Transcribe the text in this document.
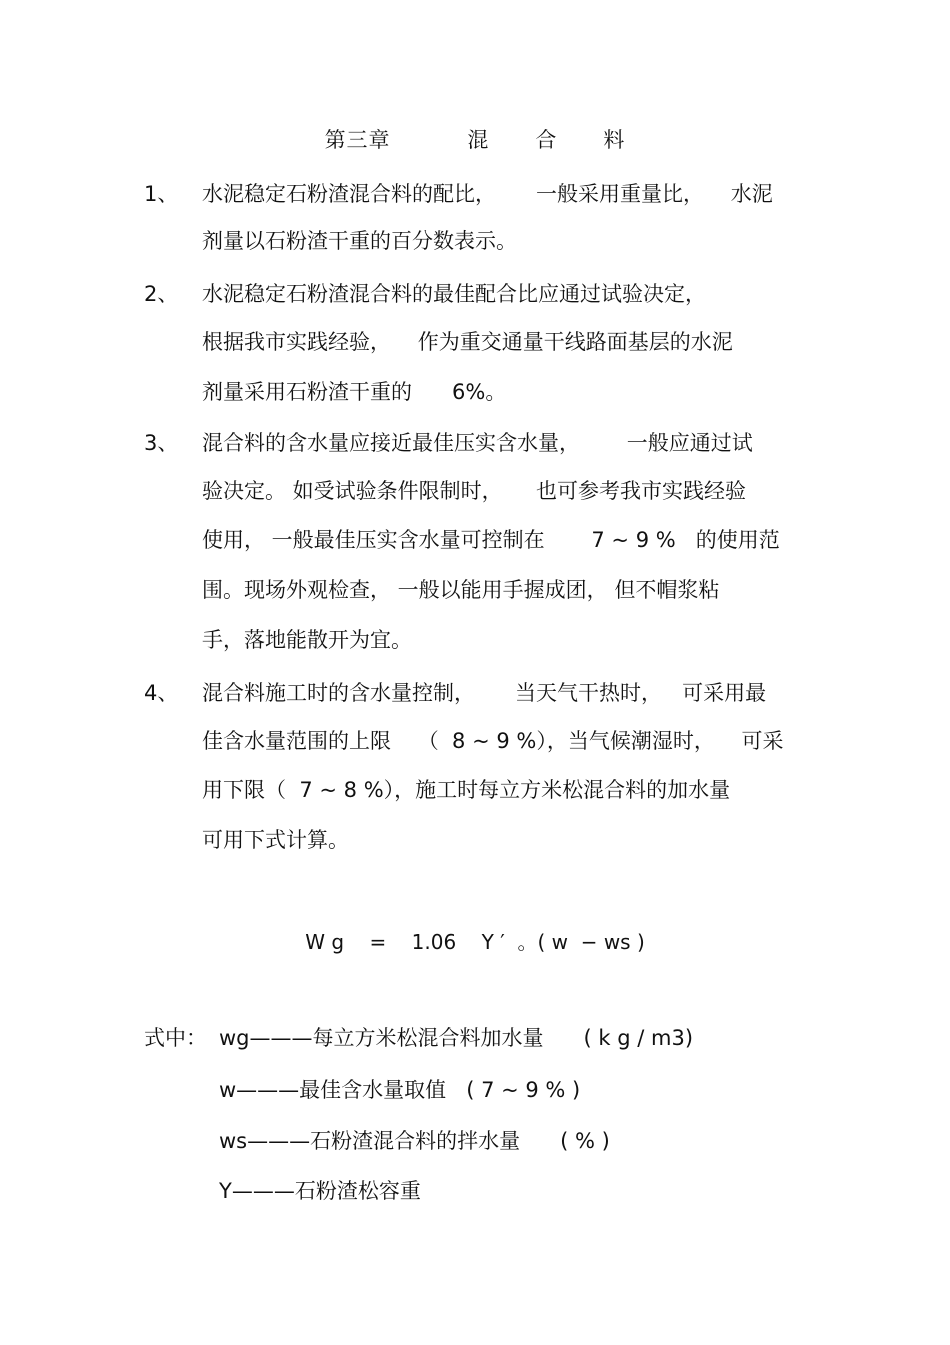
第三章          混      合      料
1、 水泥稳定石粉渣混合料的配比，      一般采用重量比，    水泥
剂量以石粉渣干重的百分数表示。
2、 水泥稳定石粉渣混合料的最佳配合比应通过试验决定，
根据我市实践经验，    作为重交通量干线路面基层的水泥
剂量采用石粉渣干重的      6%。
3、 混合料的含水量应接近最佳压实含水量，       一般应通过试
验决定。 如受试验条件限制时，     也可参考我市实践经验
使用， 一般最佳压实含水量可控制在       7 ~ 9 %   的使用范
围。现场外观检查， 一般以能用手握成团， 但不帽浆粘
手，落地能散开为宜。
4、 混合料施工时的含水量控制，      当天气干热时，   可采用最
佳含水量范围的上限    （  8 ~ 9 %），当气候潮湿时，    可采
用下限（  7 ~ 8 %），施工时每立方米松混合料的加水量
可用下式计算。
W g    =    1.06    Y ′  。( w  − ws )
式中： wg———每立方米松混合料加水量      ( k g / m3)
w———最佳含水量取值   ( 7 ~ 9 % )
ws———石粉渣混合料的拌水量      ( % )
Y———石粉渣松容重
